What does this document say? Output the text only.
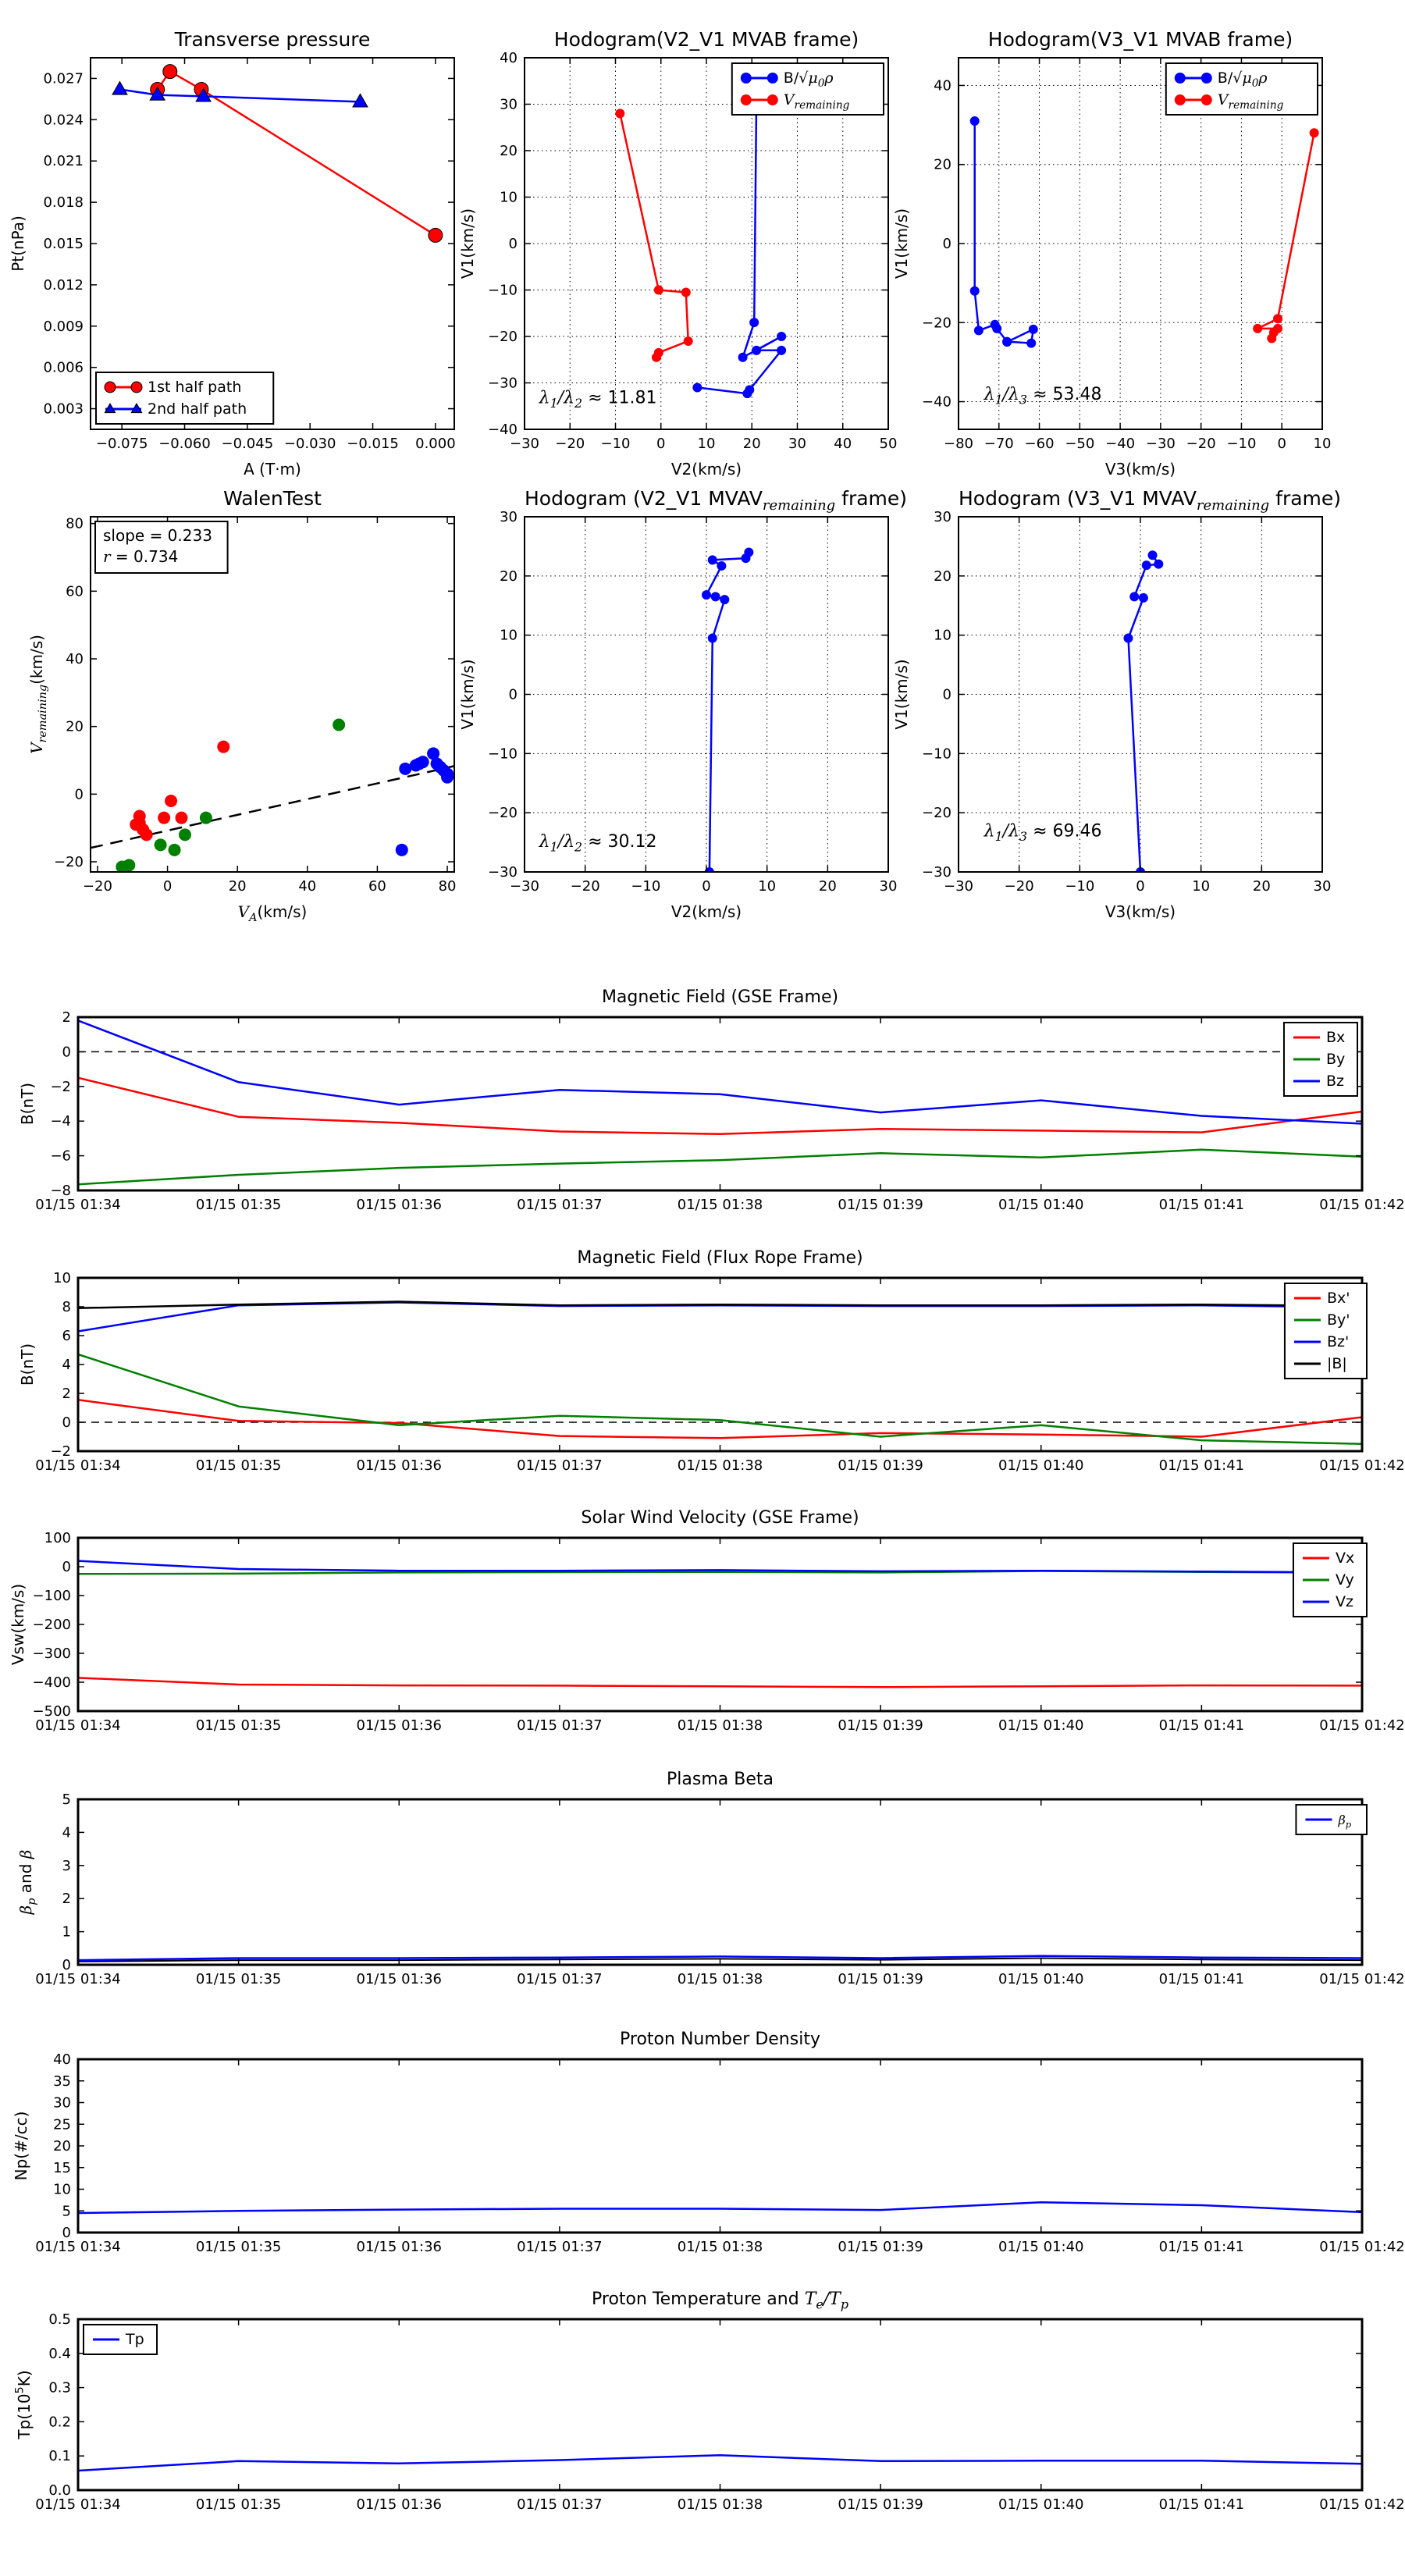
−0.075 −0.060 −0.045 −0.030 −0.015 0.000
0.003
0.006
0.009
0.012
0.015
0.018
0.021
0.024
0.027
A (T·m)
Pt(nPa)
1st half path
2nd half path
−30 −20 −10 0 10 20 30 40 50
−40
−30
−20
−10
0
10
20
30
40
V2(km/s)
V1(km/s)
$\lambda_1/\lambda_2 \approx 11.81$
$B/√\mu_0\rho$
$V_{remaining}$
−80 −70 −60 −50 −40 −30 −20 −10 0 10
−40
−20
0
20
40
V3(km/s)
V1(km/s)
$\lambda_1/\lambda_3 \approx 53.48$
$B/√\mu_0\rho$
$V_{remaining}$
−20	0	20	40	60	80
−20
0
20
40
60
80
$V_A(km/s)$
$V_{remaining}(km/s)$
slope = 0.233
r = 0.734
−30 −20 −10	0	10	20	30
−30
−20
−10
0
10
20
30
V2(km/s)
V1(km/s)
$\lambda_1/\lambda_2 \approx 30.12$
−30 −20 −10	0	10	20	30
−30
−20
−10
0
10
20
30
V3(km/s)
V1(km/s)
$\lambda_1/\lambda_3 \approx 69.46$
01/15 01:34	01/15 01:35	01/15 01:36	01/15 01:37	01/15 01:38	01/15 01:39	01/15 01:40	01/15 01:41	01/15 01:42
−8
−6
−4
−2
0
2
B(nT)
Bx
By
Bz
01/15 01:34	01/15 01:35	01/15 01:36	01/15 01:37	01/15 01:38	01/15 01:39	01/15 01:40	01/15 01:41	01/15 01:42
−2
0
2
4
6
8
10
B(nT)
Bx'
By'
Bz'
|B|
01/15 01:34	01/15 01:35	01/15 01:36	01/15 01:37	01/15 01:38	01/15 01:39	01/15 01:40	01/15 01:41	01/15 01:42
−500
−400
−300
−200
−100
0
100
Vsw(km/s)
Vx
Vy
Vz
01/15 01:34	01/15 01:35	01/15 01:36	01/15 01:37	01/15 01:38	01/15 01:39	01/15 01:40	01/15 01:41	01/15 01:42
0
1
2
3
4
5
$\beta_p$ and β
$\beta_p$
01/15 01:34	01/15 01:35	01/15 01:36	01/15 01:37	01/15 01:38	01/15 01:39	01/15 01:40	01/15 01:41	01/15 01:42
0
5
10
15
20
25
30
35
40
Np(#/cc)
01/15 01:34	01/15 01:35	01/15 01:36	01/15 01:37	01/15 01:38	01/15 01:39	01/15 01:40	01/15 01:41	01/15 01:42
0.0
0.1
0.2
0.3
0.4
0.5
$Tp(10^5K)$
Tp
Transverse pressure	Hodogram(V2_V1 MVAB frame)	Hodogram(V3_V1 MVAB frame)
WalenTest	Hodogram (V2_V1 $MVAV_{remaining}$ frame)	Hodogram (V3_V1 $MVAV_{remaining}$ frame)
Magnetic Field (GSE Frame)
Magnetic Field (Flux Rope Frame)
Solar Wind Velocity (GSE Frame)
Plasma Beta
Proton Number Density
Proton Temperature and $T_e/T_p$
